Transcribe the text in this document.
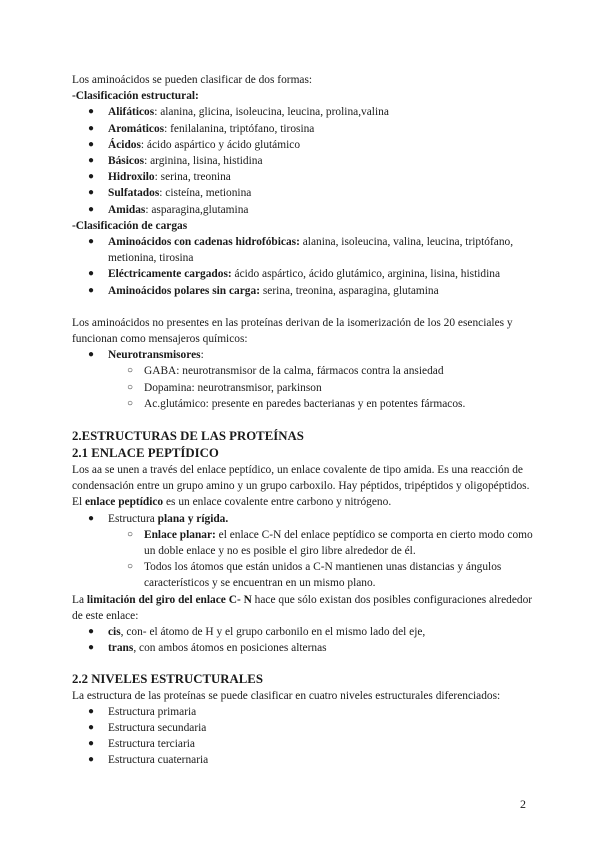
Los aminoácidos se pueden clasificar de dos formas:

-Clasificación estructural:

● Alifáticos: alanina, glicina, isoleucina, leucina, prolina,valina
● Aromáticos: fenilalanina, triptófano, tirosina
● Ácidos: ácido aspártico y ácido glutámico
● Básicos: arginina, lisina, histidina
● Hidroxilo: serina, treonina
● Sulfatados: cisteína, metionina
● Amidas: asparagina,glutamina

-Clasificación de cargas

● Aminoácidos con cadenas hidrofóbicas: alanina, isoleucina, valina, leucina, triptófano, metionina, tirosina
● Eléctricamente cargados: ácido aspártico, ácido glutámico, arginina, lisina, histidina
● Aminoácidos polares sin carga: serina, treonina, asparagina, glutamina

Los aminoácidos no presentes en las proteínas derivan de la isomerización de los 20 esenciales y funcionan como mensajeros químicos:

● Neurotransmisores:
○ GABA: neurotransmisor de la calma, fármacos contra la ansiedad
○ Dopamina: neurotransmisor, parkinson
○ Ac.glutámico: presente en paredes bacterianas y en potentes fármacos.

2.ESTRUCTURAS DE LAS PROTEÍNAS

2.1 ENLACE PEPTÍDICO

Los aa se unen a través del enlace peptídico, un enlace covalente de tipo amida. Es una reacción de condensación entre un grupo amino y un grupo carboxilo. Hay péptidos, tripéptidos y oligopéptidos.

El enlace peptídico es un enlace covalente entre carbono y nitrógeno.

● Estructura plana y rígida.
○ Enlace planar: el enlace C-N del enlace peptídico se comporta en cierto modo como un doble enlace y no es posible el giro libre alrededor de él.
○ Todos los átomos que están unidos a C-N mantienen unas distancias y ángulos característicos y se encuentran en un mismo plano.

La limitación del giro del enlace C- N hace que sólo existan dos posibles configuraciones alrededor de este enlace:

● cis, con- el átomo de H y el grupo carbonilo en el mismo lado del eje,
● trans, con ambos átomos en posiciones alternas

2.2 NIVELES ESTRUCTURALES

La estructura de las proteínas se puede clasificar en cuatro niveles estructurales diferenciados:

● Estructura primaria
● Estructura secundaria
● Estructura terciaria
● Estructura cuaternaria
2
